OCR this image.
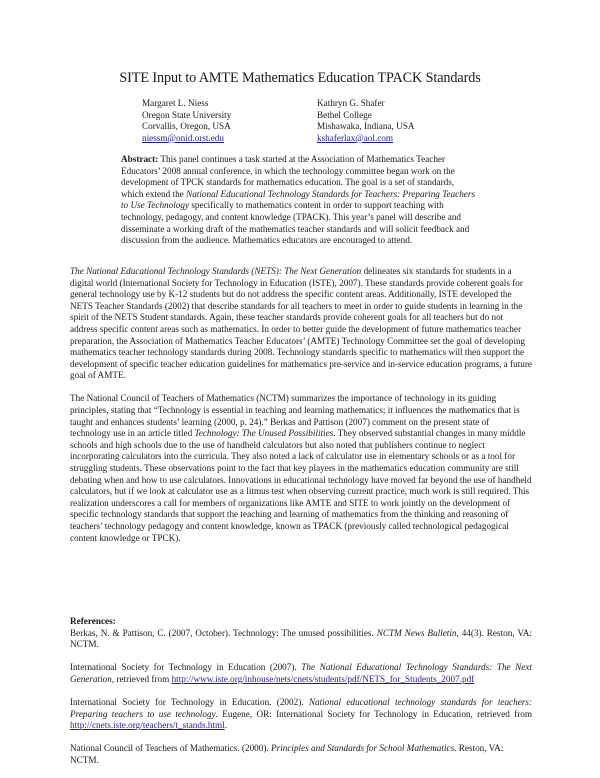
SITE Input to AMTE Mathematics Education TPACK Standards
Margaret L. Niess
Oregon State University
Corvallis, Oregon, USA
niessm@onid.orst.edu
Kathryn G. Shafer
Bethel College
Mishawaka, Indiana, USA
kshaferlax@aol.com
Abstract: This panel continues a task started at the Association of Mathematics Teacher Educators’ 2008 annual conference, in which the technology committee began work on the development of TPCK standards for mathematics education. The goal is a set of standards, which extend the National Educational Technology Standards for Teachers: Preparing Teachers to Use Technology specifically to mathematics content in order to support teaching with technology, pedagogy, and content knowledge (TPACK). This year’s panel will describe and disseminate a working draft of the mathematics teacher standards and will solicit feedback and discussion from the audience. Mathematics educators are encouraged to attend.

The National Educational Technology Standards (NETS): The Next Generation delineates six standards for students in a digital world (International Society for Technology in Education (ISTE), 2007). These standards provide coherent goals for general technology use by K-12 students but do not address the specific content areas. Additionally, ISTE developed the NETS Teacher Standards (2002) that describe standards for all teachers to meet in order to guide students in learning in the spirit of the NETS Student standards. Again, these teacher standards provide coherent goals for all teachers but do not address specific content areas such as mathematics. In order to better guide the development of future mathematics teacher preparation, the Association of Mathematics Teacher Educators’ (AMTE) Technology Committee set the goal of developing mathematics teacher technology standards during 2008. Technology standards specific to mathematics will then support the development of specific teacher education guidelines for mathematics pre-service and in-service education programs, a future goal of AMTE.

The National Council of Teachers of Mathematics (NCTM) summarizes the importance of technology in its guiding principles, stating that “Technology is essential in teaching and learning mathematics; it influences the mathematics that is taught and enhances students’ learning (2000, p. 24).” Berkas and Pattison (2007) comment on the present state of technology use in an article titled Technology: The Unused Possibilities. They observed substantial changes in many middle schools and high schools due to the use of handheld calculators but also noted that publishers continue to neglect incorporating calculators into the curricula. They also noted a lack of calculator use in elementary schools or as a tool for struggling students. These observations point to the fact that key players in the mathematics education community are still debating when and how to use calculators. Innovations in educational technology have moved far beyond the use of handheld calculators, but if we look at calculator use as a litmus test when observing current practice, much work is still required. This realization underscores a call for members of organizations like AMTE and SITE to work jointly on the development of specific technology standards that support the teaching and learning of mathematics from the thinking and reasoning of teachers’ technology pedagogy and content knowledge, known as TPACK (previously called technological pedagogical content knowledge or TPCK).

References:

Berkas, N. & Pattison, C. (2007, October). Technology: The unused possibilities. NCTM News Bulletin, 44(3). Reston, VA: NCTM.

International Society for Technology in Education (2007). The National Educational Technology Standards: The Next Generation, retrieved from http://www.iste.org/inhouse/nets/cnets/students/pdf/NETS_for_Students_2007.pdf

International Society for Technology in Education. (2002). National educational technology standards for teachers: Preparing teachers to use technology. Eugene, OR: International Society for Technology in Education, retrieved from http://cnets.iste.org/teachers/t_stands.html.

National Council of Teachers of Mathematics. (2000). Principles and Standards for School Mathematics. Reston, VA: NCTM.
